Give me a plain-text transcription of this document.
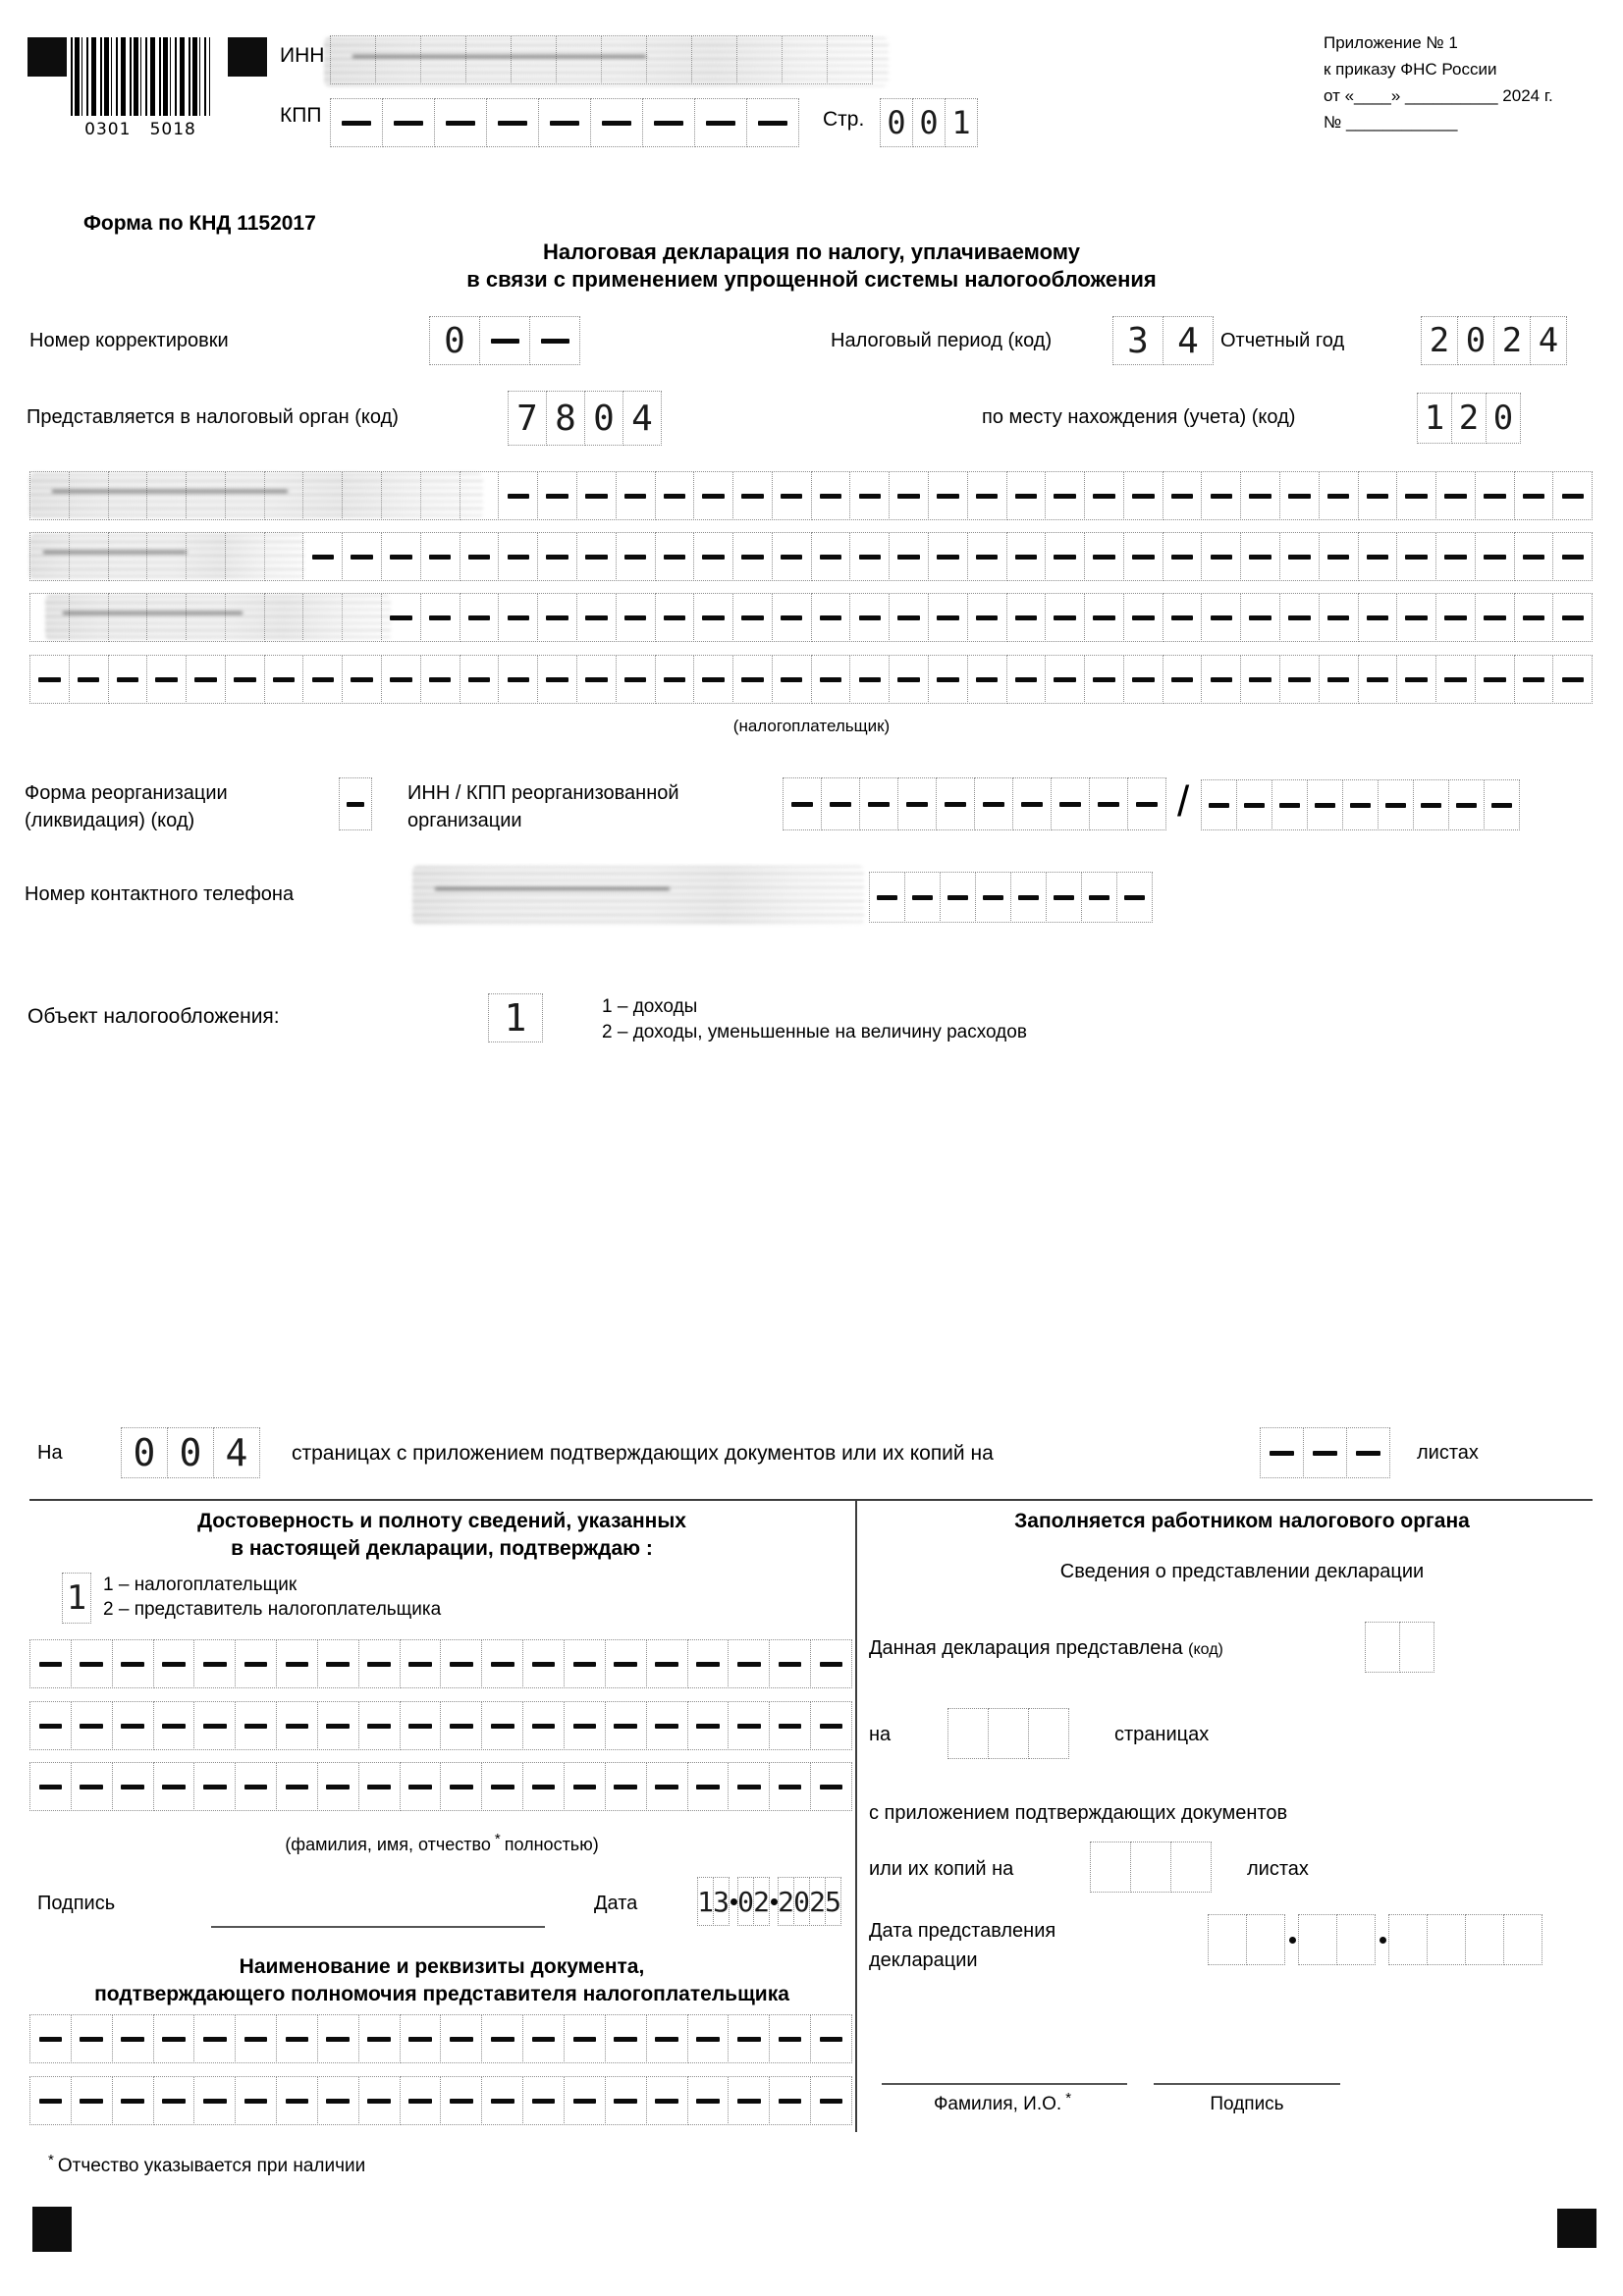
0301   5018
ИНН
КПП	Стр. 0 0 1
Приложение № 1
к приказу ФНС России
от «____» __________ 2024 г.
№ ____________
Форма по КНД 1152017
Налоговая декларация по налогу, уплачиваемому
в связи с применением упрощенной системы налогообложения
Номер корректировки	0	Налоговый период (код)	3 4	Отчетный год	2 0 2 4
Представляется в налоговый орган (код)	7 8 0 4	по месту нахождения (учета) (код)	1 2 0
(налогоплательщик)
Форма реорганизации
(ликвидация) (код)
ИНН / КПП реорганизованной
организации	/
Номер контактного телефона
Объект налогообложения:	1	1 – доходы
2 – доходы, уменьшенные на величину расходов
На	0 0 4	страницах с приложением подтверждающих документов или их копий на	листах
Достоверность и полноту сведений, указанных
в настоящей декларации, подтверждаю :
1 1 – налогоплательщик
2 – представитель налогоплательщика
(фамилия, имя, отчество * полностью)
Подпись	Дата 1 3 0 2 2 0 2 5
Наименование и реквизиты документа,
подтверждающего полномочия представителя налогоплательщика
* Отчество указывается при наличии
Заполняется работником налогового органа
Сведения о представлении декларации
Данная декларация представлена (код)
на	страницах
с приложением подтверждающих документов
или их копий на	листах
Дата представления
декларации
Фамилия, И.О. *	Подпись
